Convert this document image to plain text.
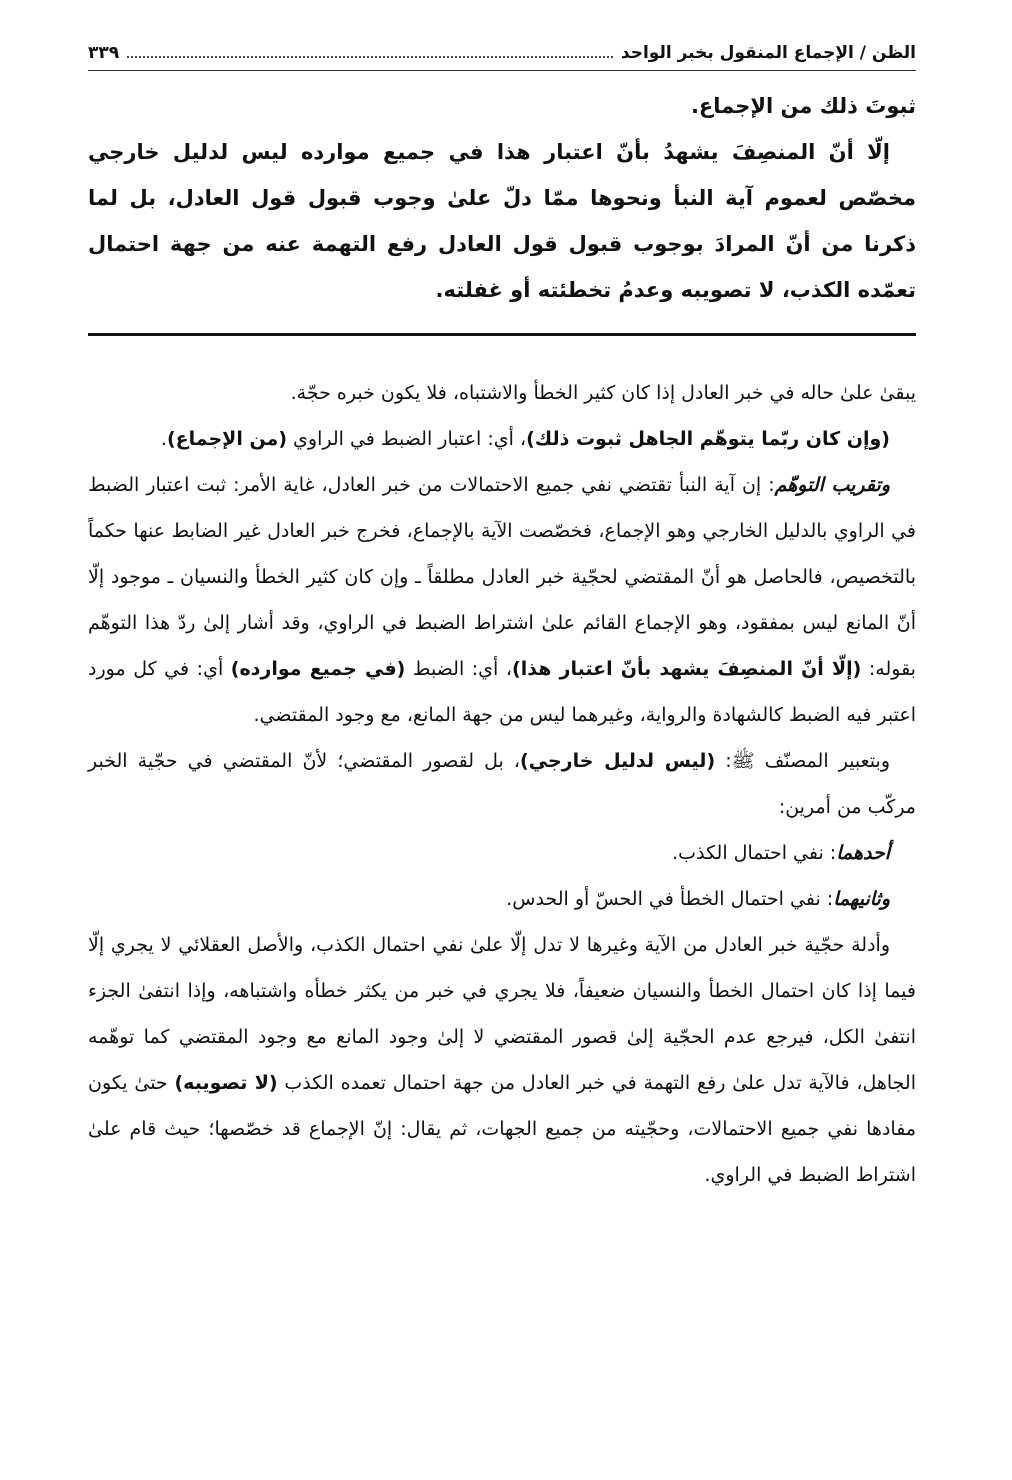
الظن / الإجماع المنقول بخبر الواحد
٣٣٩

ثبوتَ ذلك من الإجماع.

إلّا أنّ المنصِفَ يشهدُ بأنّ اعتبار هذا في جميع موارده ليس لدليل خارجي مخصّص لعموم آية النبأ ونحوها ممّا دلّ علىٰ وجوب قبول قول العادل، بل لما ذكرنا من أنّ المرادَ بوجوب قبول قول العادل رفع التهمة عنه من جهة احتمال تعمّده الكذب، لا تصويبه وعدمُ تخطئته أو غفلته.

يبقىٰ علىٰ حاله في خبر العادل إذا كان كثير الخطأ والاشتباه، فلا يكون خبره حجّة.

(وإن كان ربّما يتوهّم الجاهل ثبوت ذلك)، أي: اعتبار الضبط في الراوي (من الإجماع).

وتقريب التوهّم: إن آية النبأ تقتضي نفي جميع الاحتمالات من خبر العادل، غاية الأمر: ثبت اعتبار الضبط في الراوي بالدليل الخارجي وهو الإجماع، فخصّصت الآية بالإجماع، فخرج خبر العادل غير الضابط عنها حكماً بالتخصيص، فالحاصل هو أنّ المقتضي لحجّية خبر العادل مطلقاً ـ وإن كان كثير الخطأ والنسيان ـ موجود إلّا أنّ المانع ليس بمفقود، وهو الإجماع القائم علىٰ اشتراط الضبط في الراوي، وقد أشار إلىٰ ردّ هذا التوهّم بقوله: (إلّا أنّ المنصِفَ يشهد بأنّ اعتبار هذا)، أي: الضبط (في جميع موارده) أي: في كل مورد اعتبر فيه الضبط كالشهادة والرواية، وغيرهما ليس من جهة المانع، مع وجود المقتضي.

وبتعبير المصنّف ﷺ: (ليس لدليل خارجي)، بل لقصور المقتضي؛ لأنّ المقتضي في حجّية الخبر مركّب من أمرين:

أحدهما: نفي احتمال الكذب.

وثانيهما: نفي احتمال الخطأ في الحسّ أو الحدس.

وأدلة حجّية خبر العادل من الآية وغيرها لا تدل إلّا علىٰ نفي احتمال الكذب، والأصل العقلائي لا يجري إلّا فيما إذا كان احتمال الخطأ والنسيان ضعيفاً، فلا يجري في خبر من يكثر خطأه واشتباهه، وإذا انتفىٰ الجزء انتفىٰ الكل، فيرجع عدم الحجّية إلىٰ قصور المقتضي لا إلىٰ وجود المانع مع وجود المقتضي كما توهّمه الجاهل، فالآية تدل علىٰ رفع التهمة في خبر العادل من جهة احتمال تعمده الكذب (لا تصويبه) حتىٰ يكون مفادها نفي جميع الاحتمالات، وحجّيته من جميع الجهات، ثم يقال: إنّ الإجماع قد خصّصها؛ حيث قام علىٰ اشتراط الضبط في الراوي.
